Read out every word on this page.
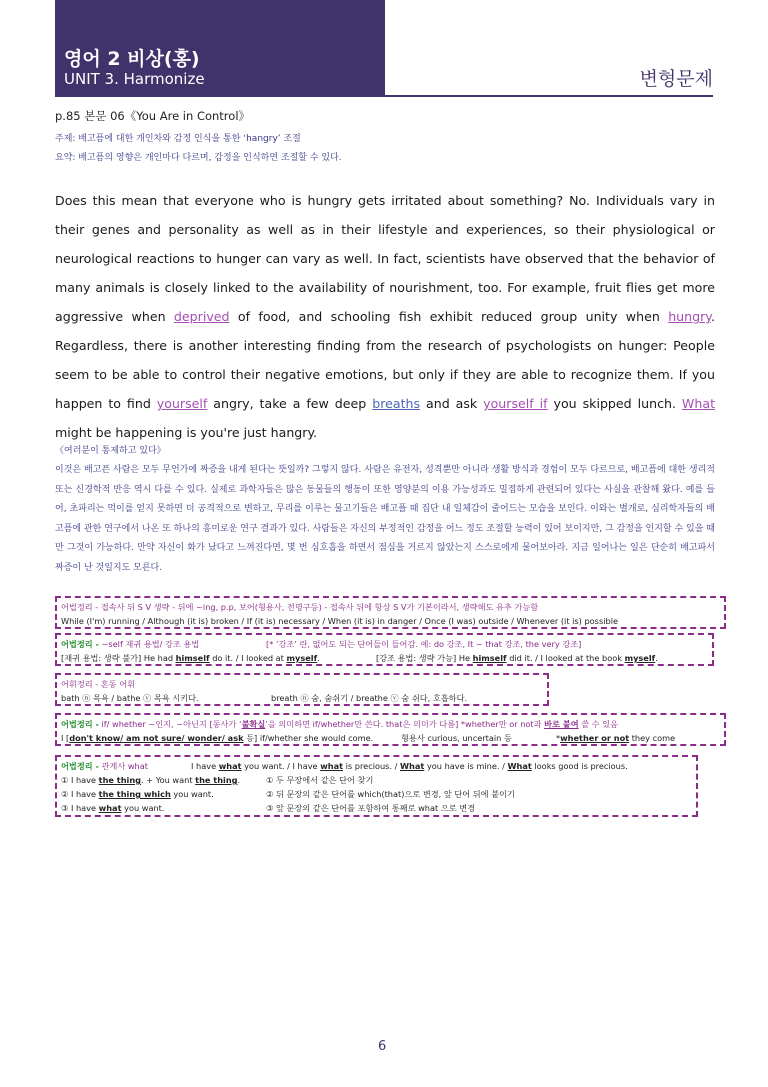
영어 2 비상(홍)
UNIT 3. Harmonize	변형문제
p.85 본문 06《You Are in Control》
주제: 배고픔에 대한 개인차와 감정 인식을 통한 ‘hangry’ 조절
요약: 배고픔의 영향은 개인마다 다르며, 감정을 인식하면 조절할 수 있다.
Does this mean that everyone who is hungry gets irritated about something? No. Individuals vary in their genes and personality as well as in their lifestyle and experiences, so their physiological or neurological reactions to hunger can vary as well. In fact, scientists have observed that the behavior of many animals is closely linked to the availability of nourishment, too. For example, fruit flies get more aggressive when deprived of food, and schooling fish exhibit reduced group unity when hungry. Regardless, there is another interesting finding from the research of psychologists on hunger: People seem to be able to control their negative emotions, but only if they are able to recognize them. If you happen to find yourself angry, take a few deep breaths and ask yourself if you skipped lunch. What might be happening is you're just hangry.
《여러분이 통제하고 있다》
이것은 배고픈 사람은 모두 무언가에 짜증을 내게 된다는 뜻일까? 그렇지 않다. 사람은 유전자, 성격뿐만 아니라 생활 방식과 경험이 모두 다르므로, 배고픔에 대한 생리적 또는 신경학적 반응 역시 다를 수 있다. 실제로 과학자들은 많은 동물들의 행동이 또한 영양분의 이용 가능성과도 밀접하게 관련되어 있다는 사실을 관찰해 왔다. 예를 들어, 초파리는 먹이를 얻지 못하면 더 공격적으로 변하고, 무리를 이루는 물고기들은 배고플 때 집단 내 일체감이 줄어드는 모습을 보인다. 이와는 별개로, 심리학자들의 배고픔에 관한 연구에서 나온 또 하나의 흥미로운 연구 결과가 있다. 사람들은 자신의 부정적인 감정을 어느 정도 조절할 능력이 있어 보이지만, 그 감정을 인지할 수 있을 때만 그것이 가능하다. 만약 자신이 화가 났다고 느껴진다면, 몇 번 심호흡을 하면서 점심을 거르지 않았는지 스스로에게 물어보아라. 지금 일어나는 일은 단순히 배고파서 짜증이 난 것일지도 모른다.
어법정리 - 접속사 뒤 S V 생략 - 뒤에 ~ing, p.p, 보어(형용사, 전명구등) - 접속사 뒤에 항상 S V가 기본이라서, 생략해도 유추 가능함
While (I'm) running / Although (it is) broken / If (it is) necessary / When (it is) in danger / Once (I was) outside / Whenever (it is) possible
어법정리 - ~self 재귀 용법/ 강조 용법	[* ‘강조’ 란, 없어도 되는 단어들이 들어감. 예: do 강조, It ~ that 강조, the very 강조]
[재귀 용법: 생략 불가] He had himself do it. / I looked at myself.	[강조 용법: 생략 가능] He himself did it. / I looked at the book myself.
어휘정리 - 혼동 어휘
bath ⓝ 목욕 / bathe ⓥ 목욕 시키다.	breath ⓝ 숨, 숨쉬기 / breathe ⓥ 숨 쉬다, 호흡하다.
어법정리 - if/ whether ~인지, ~아닌지 [동사가 ‘불확실’을 의미하면 if/whether만 쓴다. that은 의미가 다름] *whether만 or not과 바로 붙여 쓸 수 있음
I [don't know/ am not sure/ wonder/ ask 등] if/whether she would come.	형용사 curious, uncertain 등	*whether or not they come
어법정리 - 관계사 what	I have what you want. / I have what is precious. / What you have is mine. / What looks good is precious.
① I have the thing. + You want the thing.	① 두 무장에서 같은 단어 찾기
② I have the thing which you want.	② 뒤 문장의 같은 단어를 which(that)으로 변경, 앞 단어 뒤에 붙이기
③ I have what you want.	③ 앞 문장의 같은 단어를 포함하여 통째로 what 으로 변경
6
